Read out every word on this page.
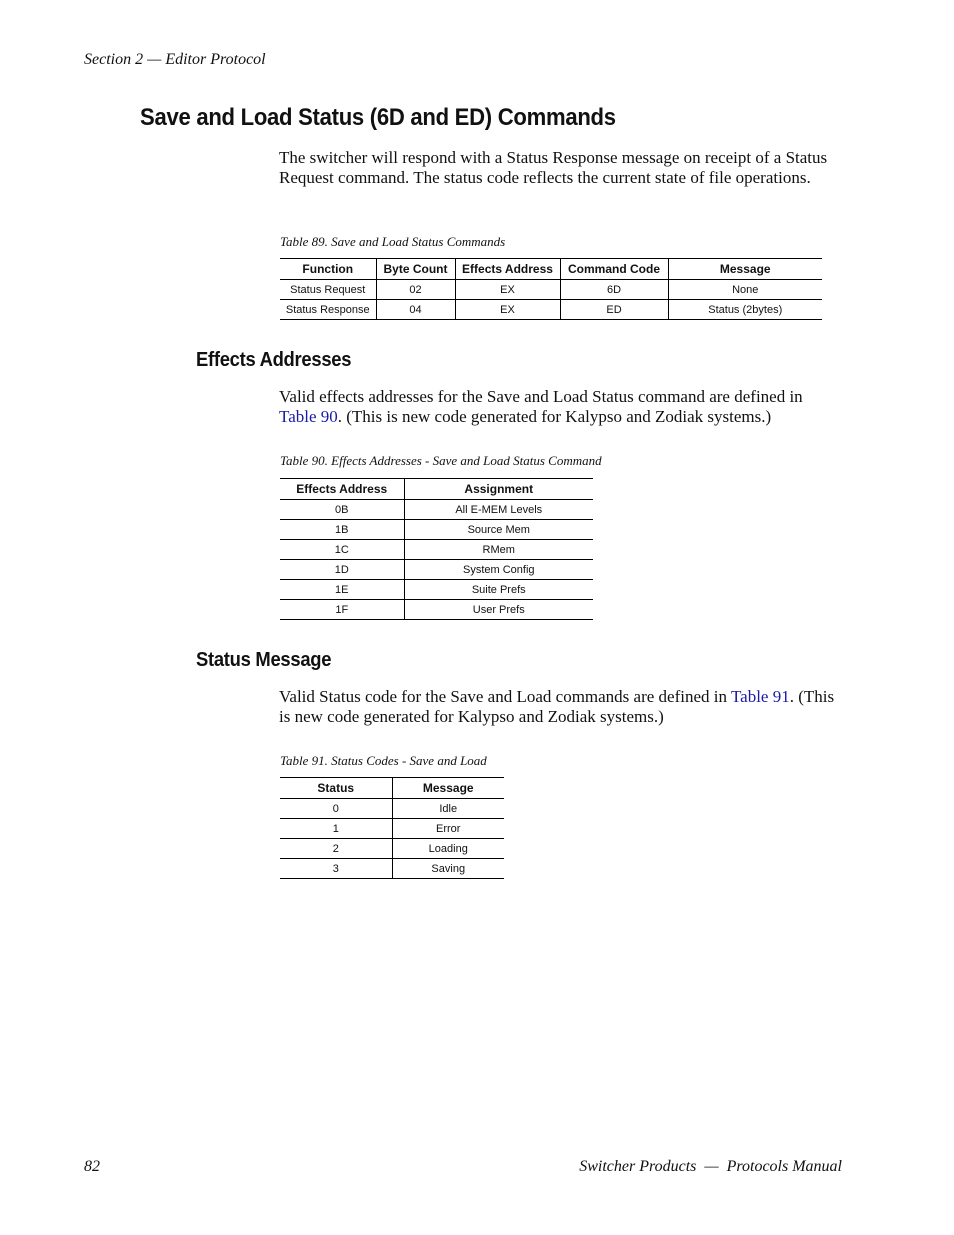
Section 2 — Editor Protocol
Save and Load Status (6D and ED) Commands

The switcher will respond with a Status Response message on receipt of a Status Request command. The status code reflects the current state of file operations.

Table 89. Save and Load Status Commands
Function	Byte Count	Effects Address	Command Code	Message
Status Request	02	EX	6D	None
Status Response	04	EX	ED	Status (2bytes)
Effects Addresses

Valid effects addresses for the Save and Load Status command are defined in Table 90. (This is new code generated for Kalypso and Zodiak systems.)

Table 90. Effects Addresses - Save and Load Status Command
Effects Address	Assignment
0B	All E-MEM Levels
1B	Source Mem
1C	RMem
1D	System Config
1E	Suite Prefs
1F	User Prefs
Status Message

Valid Status code for the Save and Load commands are defined in Table 91. (This is new code generated for Kalypso and Zodiak systems.)

Table 91. Status Codes - Save and Load
Status	Message
0	Idle
1	Error
2	Loading
3	Saving
82	Switcher Products  —  Protocols Manual
